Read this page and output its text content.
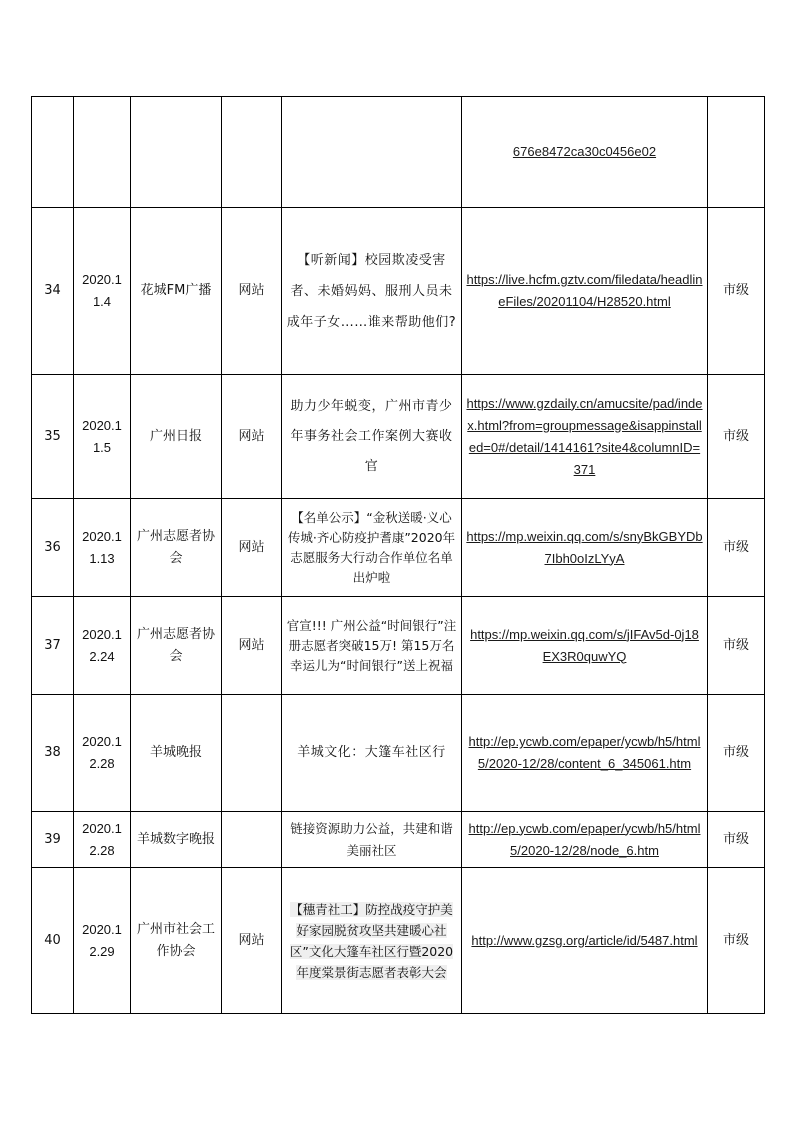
					676e8472ca30c0456e02	
34	2020.11.4	花城FM广播	网站	【听新闻】校园欺凌受害者、未婚妈妈、服刑人员未成年子女……谁来帮助他们?	https://live.hcfm.gztv.com/filedata/headlineFiles/20201104/H28520.html	市级
35	2020.11.5	广州日报	网站	助力少年蜕变，广州市青少年事务社会工作案例大赛收官	https://www.gzdaily.cn/amucsite/pad/index.html?from=groupmessage&isappinstalled=0#/detail/1414161?site4&columnID=371	市级
36	2020.11.13	广州志愿者协会	网站	【名单公示】“金秋送暖·义心传城·齐心防疫护耆康”2020年志愿服务大行动合作单位名单出炉啦	https://mp.weixin.qq.com/s/snyBkGBYDb7Ibh0oIzLYyA	市级
37	2020.12.24	广州志愿者协会	网站	官宣!!! 广州公益“时间银行”注册志愿者突破15万! 第15万名幸运儿为“时间银行”送上祝福	https://mp.weixin.qq.com/s/jIFAv5d-0j18EX3R0quwYQ	市级
38	2020.12.28	羊城晚报		羊城文化：大篷车社区行	http://ep.ycwb.com/epaper/ycwb/h5/html5/2020-12/28/content_6_345061.htm	市级
39	2020.12.28	羊城数字晚报		链接资源助力公益，共建和谐美丽社区	http://ep.ycwb.com/epaper/ycwb/h5/html5/2020-12/28/node_6.htm	市级
40	2020.12.29	广州市社会工作协会	网站	【穗青社工】防控战疫守护美好家园脱贫攻坚共建暖心社区”文化大篷车社区行暨2020年度棠景街志愿者表彰大会	http://www.gzsg.org/article/id/5487.html	市级
